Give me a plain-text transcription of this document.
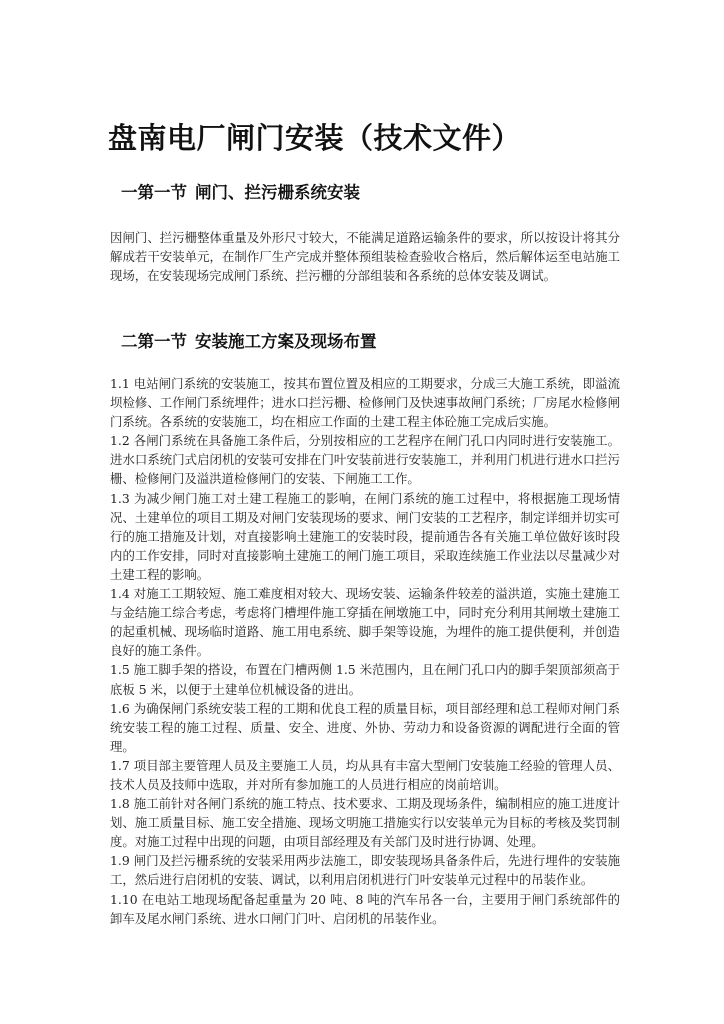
盘南电厂闸门安装（技术文件）
一第一节 闸门、拦污栅系统安装

因闸门、拦污栅整体重量及外形尺寸较大，不能满足道路运输条件的要求，所以按设计将其分解成若干安装单元，在制作厂生产完成并整体预组装检查验收合格后，然后解体运至电站施工现场，在安装现场完成闸门系统、拦污栅的分部组装和各系统的总体安装及调试。

二第一节 安装施工方案及现场布置
1.1 电站闸门系统的安装施工，按其布置位置及相应的工期要求，分成三大施工系统，即溢流坝检修、工作闸门系统埋件；进水口拦污栅、检修闸门及快速事故闸门系统；厂房尾水检修闸门系统。各系统的安装施工，均在相应工作面的土建工程主体砼施工完成后实施。
1.2 各闸门系统在具备施工条件后，分别按相应的工艺程序在闸门孔口内同时进行安装施工。进水口系统门式启闭机的安装可安排在门叶安装前进行安装施工，并利用门机进行进水口拦污栅、检修闸门及溢洪道检修闸门的安装、下闸施工工作。
1.3 为减少闸门施工对土建工程施工的影响，在闸门系统的施工过程中，将根据施工现场情况、土建单位的项目工期及对闸门安装现场的要求、闸门安装的工艺程序，制定详细并切实可行的施工措施及计划，对直接影响土建施工的安装时段，提前通告各有关施工单位做好该时段内的工作安排，同时对直接影响土建施工的闸门施工项目，采取连续施工作业法以尽量减少对土建工程的影响。
1.4 对施工工期较短、施工难度相对较大、现场安装、运输条件较差的溢洪道，实施土建施工与金结施工综合考虑，考虑将门槽埋件施工穿插在闸墩施工中，同时充分利用其闸墩土建施工的起重机械、现场临时道路、施工用电系统、脚手架等设施，为埋件的施工提供便利，并创造良好的施工条件。
1.5 施工脚手架的搭设，布置在门槽两侧 1.5 米范围内，且在闸门孔口内的脚手架顶部须高于底板 5 米，以便于土建单位机械设备的进出。
1.6 为确保闸门系统安装工程的工期和优良工程的质量目标，项目部经理和总工程师对闸门系统安装工程的施工过程、质量、安全、进度、外协、劳动力和设备资源的调配进行全面的管理。
1.7 项目部主要管理人员及主要施工人员，均从具有丰富大型闸门安装施工经验的管理人员、技术人员及技师中选取，并对所有参加施工的人员进行相应的岗前培训。
1.8 施工前针对各闸门系统的施工特点、技术要求、工期及现场条件，编制相应的施工进度计划、施工质量目标、施工安全措施、现场文明施工措施实行以安装单元为目标的考核及奖罚制度。对施工过程中出现的问题，由项目部经理及有关部门及时进行协调、处理。
1.9 闸门及拦污栅系统的安装采用两步法施工，即安装现场具备条件后，先进行埋件的安装施工，然后进行启闭机的安装、调试，以利用启闭机进行门叶安装单元过程中的吊装作业。
1.10 在电站工地现场配备起重量为 20 吨、8 吨的汽车吊各一台，主要用于闸门系统部件的卸车及尾水闸门系统、进水口闸门门叶、启闭机的吊装作业。
